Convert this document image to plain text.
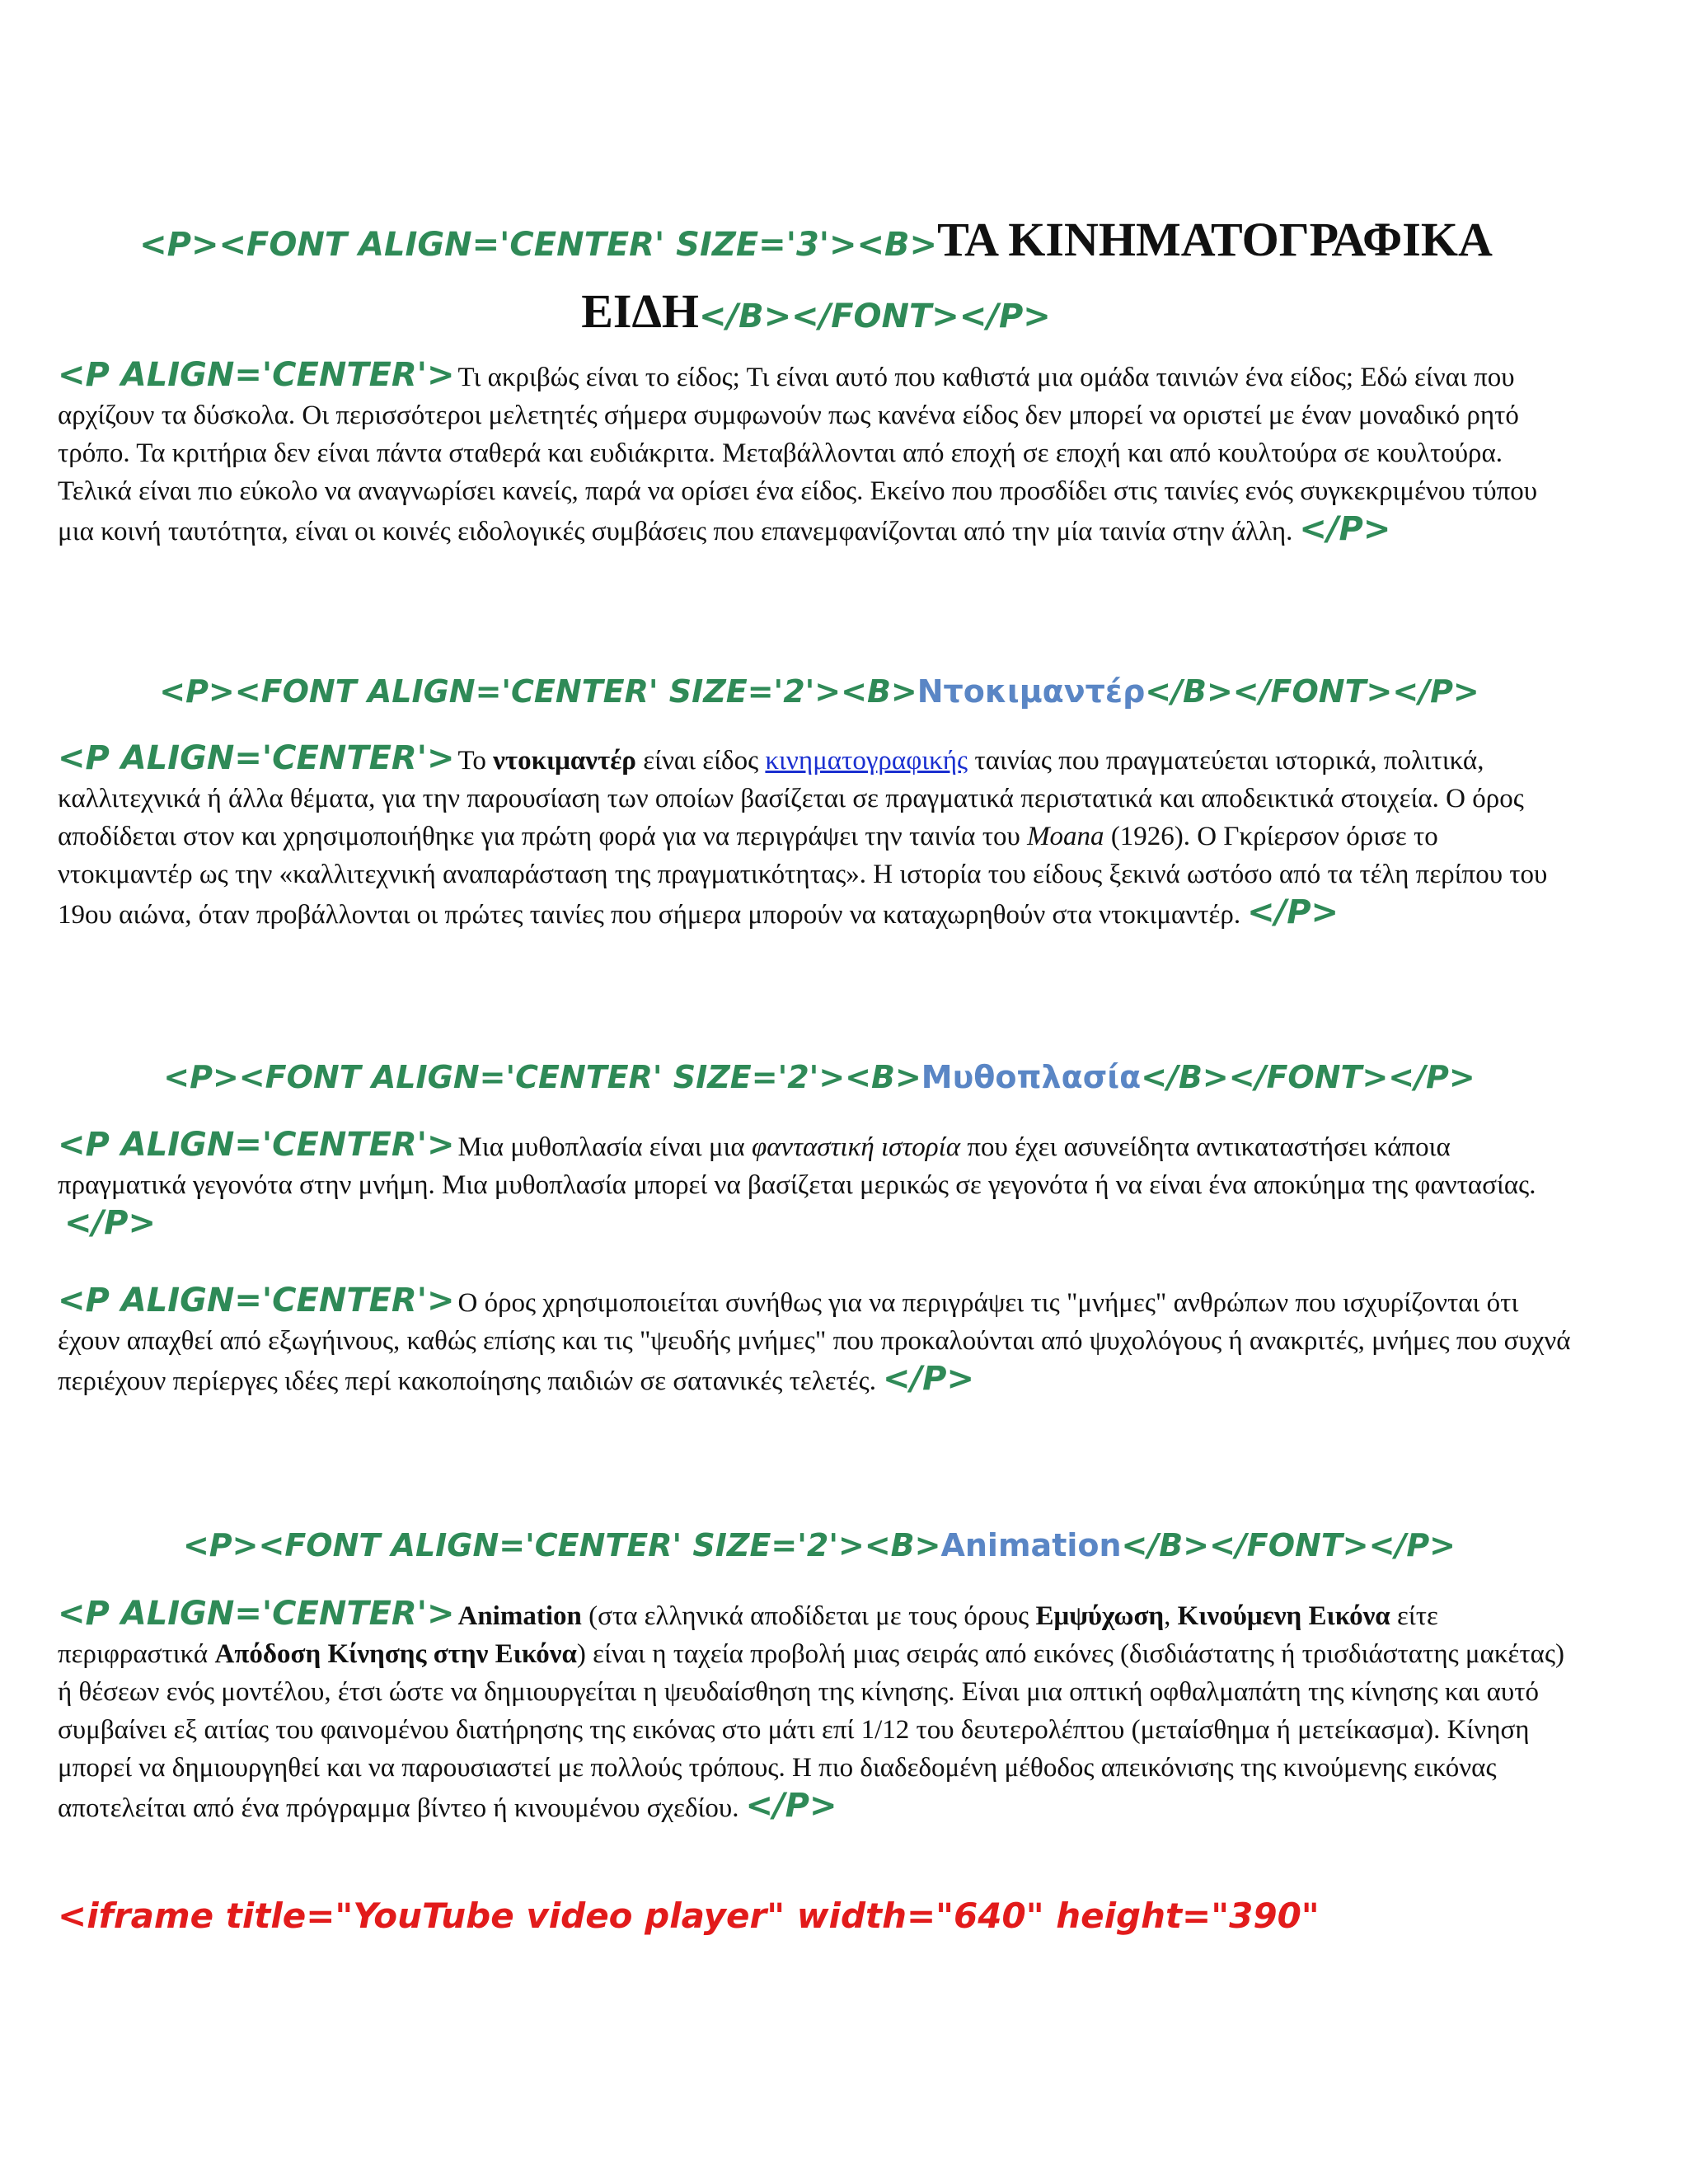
<P><FONT ALIGN='CENTER' SIZE='3'><B>ΤΑ ΚΙΝΗΜΑΤΟΓΡΑΦΙΚΑ
ΕΙΔΗ</B></FONT></P>

<P ALIGN='CENTER'> Τι ακριβώς είναι το είδος; Τι είναι αυτό που καθιστά μια ομάδα ταινιών ένα είδος; Εδώ είναι που αρχίζουν τα δύσκολα. Οι περισσότεροι μελετητές σήμερα συμφωνούν πως κανένα είδος δεν μπορεί να οριστεί με έναν μοναδικό ρητό τρόπο. Τα κριτήρια δεν είναι πάντα σταθερά και ευδιάκριτα. Μεταβάλλονται από εποχή σε εποχή και από κουλτούρα σε κουλτούρα. Τελικά είναι πιο εύκολο να αναγνωρίσει κανείς, παρά να ορίσει ένα είδος. Εκείνο που προσδίδει στις ταινίες ενός συγκεκριμένου τύπου μια κοινή ταυτότητα, είναι οι κοινές ειδολογικές συμβάσεις που επανεμφανίζονται από την μία ταινία στην άλλη. </P>

<P><FONT ALIGN='CENTER' SIZE='2'><B>Ντοκιμαντέρ</B></FONT></P>

<P ALIGN='CENTER'> Το ντοκιμαντέρ είναι είδος κινηματογραφικής ταινίας που πραγματεύεται ιστορικά, πολιτικά, καλλιτεχνικά ή άλλα θέματα, για την παρουσίαση των οποίων βασίζεται σε πραγματικά περιστατικά και αποδεικτικά στοιχεία. Ο όρος αποδίδεται στον και χρησιμοποιήθηκε για πρώτη φορά για να περιγράψει την ταινία του Moana (1926). Ο Γκρίερσον όρισε το ντοκιμαντέρ ως την «καλλιτεχνική αναπαράσταση της πραγματικότητας». Η ιστορία του είδους ξεκινά ωστόσο από τα τέλη περίπου του 19ου αιώνα, όταν προβάλλονται οι πρώτες ταινίες που σήμερα μπορούν να καταχωρηθούν στα ντοκιμαντέρ. </P>

<P><FONT ALIGN='CENTER' SIZE='2'><B>Μυθοπλασία</B></FONT></P>

<P ALIGN='CENTER'> Μια μυθοπλασία είναι μια φανταστική ιστορία που έχει ασυνείδητα αντικαταστήσει κάποια πραγματικά γεγονότα στην μνήμη. Μια μυθοπλασία μπορεί να βασίζεται μερικώς σε γεγονότα ή να είναι ένα αποκύημα της φαντασίας.</P>

<P ALIGN='CENTER'> Ο όρος χρησιμοποιείται συνήθως για να περιγράψει τις "μνήμες" ανθρώπων που ισχυρίζονται ότι έχουν απαχθεί από εξωγήινους, καθώς επίσης και τις "ψευδής μνήμες" που προκαλούνται από ψυχολόγους ή ανακριτές, μνήμες που συχνά περιέχουν περίεργες ιδέες περί κακοποίησης παιδιών σε σατανικές τελετές. </P>

<P><FONT ALIGN='CENTER' SIZE='2'><B>Animation</B></FONT></P>

<P ALIGN='CENTER'> Animation (στα ελληνικά αποδίδεται με τους όρους Εμψύχωση, Κινούμενη Εικόνα είτε περιφραστικά Απόδοση Κίνησης στην Εικόνα) είναι η ταχεία προβολή μιας σειράς από εικόνες (δισδιάστατης ή τρισδιάστατης μακέτας) ή θέσεων ενός μοντέλου, έτσι ώστε να δημιουργείται η ψευδαίσθηση της κίνησης. Είναι μια οπτική οφθαλμαπάτη της κίνησης και αυτό συμβαίνει εξ αιτίας του φαινομένου διατήρησης της εικόνας στο μάτι επί 1/12 του δευτερολέπτου (μεταίσθημα ή μετείκασμα). Κίνηση μπορεί να δημιουργηθεί και να παρουσιαστεί με πολλούς τρόπους. Η πιο διαδεδομένη μέθοδος απεικόνισης της κινούμενης εικόνας αποτελείται από ένα πρόγραμμα βίντεο ή κινουμένου σχεδίου. </P>

<iframe title="YouTube video player" width="640" height="390"
